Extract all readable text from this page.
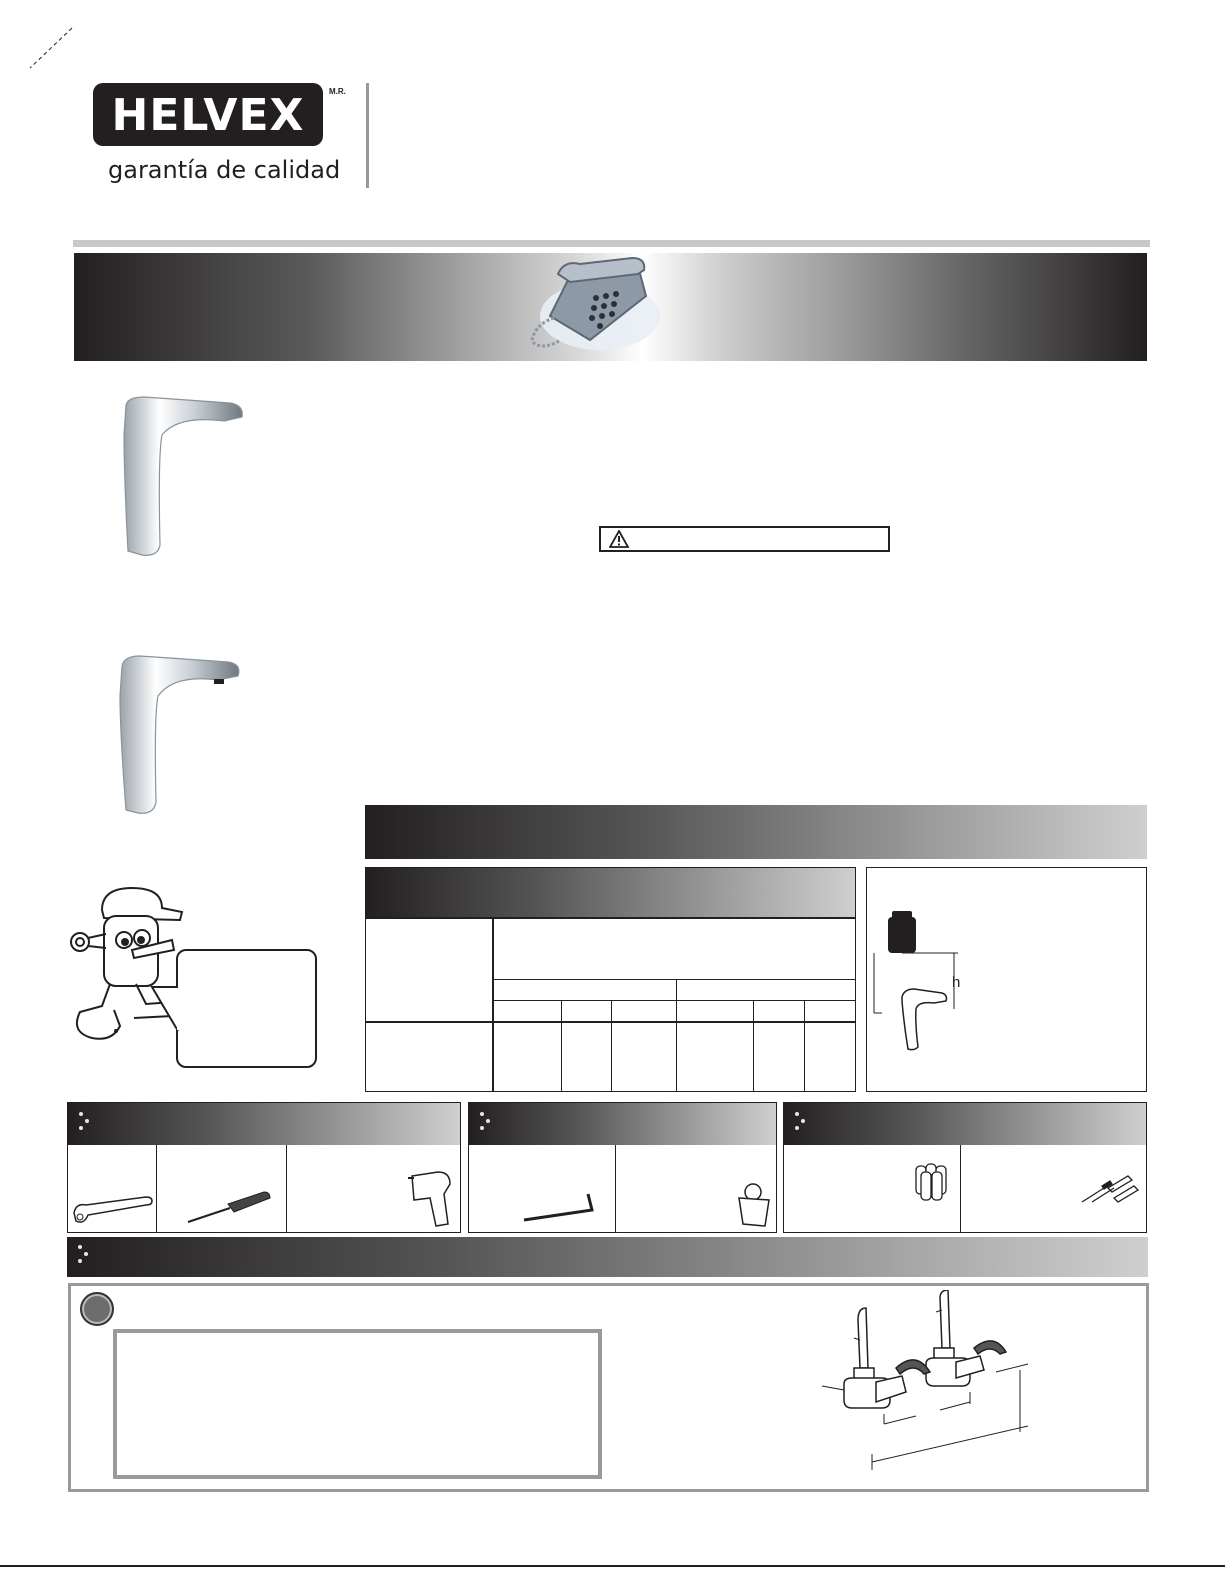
HELVEX	M.R.
garantía de calidad
h
